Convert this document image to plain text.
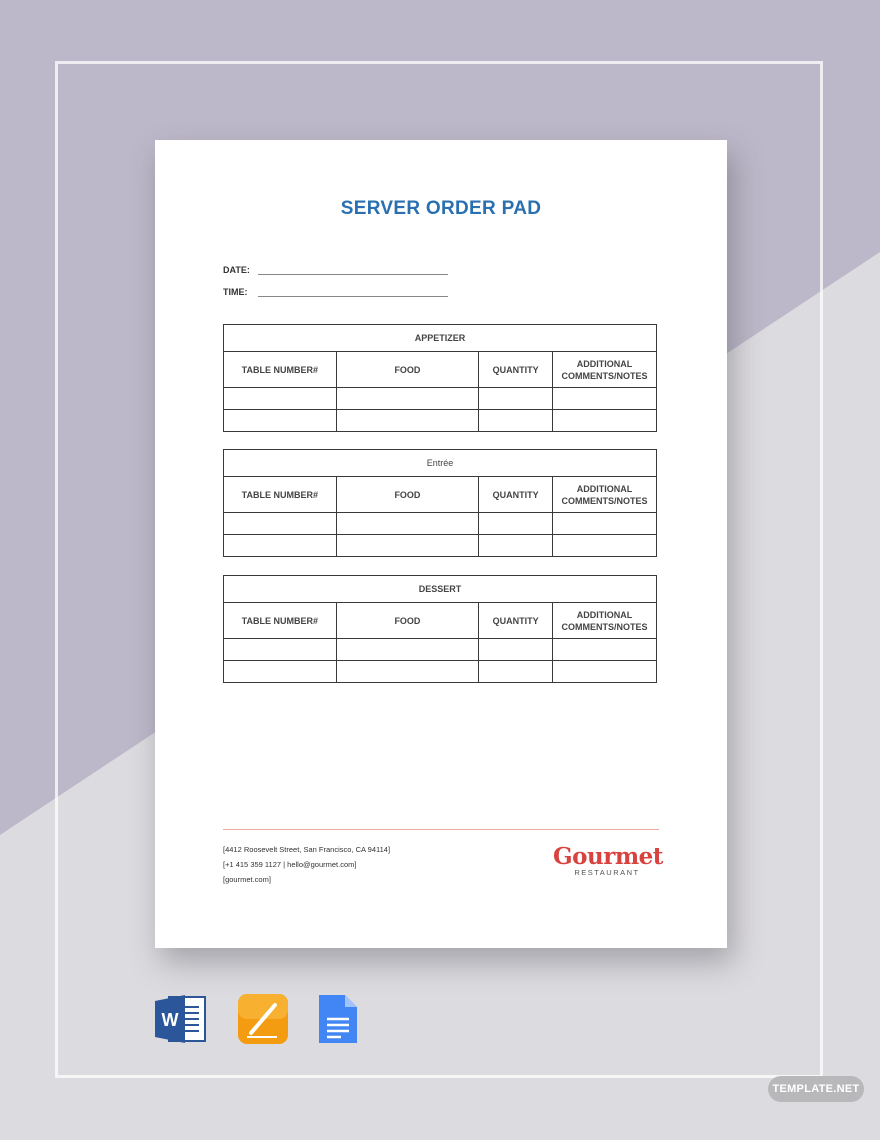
SERVER ORDER PAD
DATE:
TIME:
APPETIZER			
TABLE NUMBER#	FOOD	QUANTITY	ADDITIONAL COMMENTS/NOTES

Entrée			
TABLE NUMBER#	FOOD	QUANTITY	ADDITIONAL COMMENTS/NOTES

DESSERT			
TABLE NUMBER#	FOOD	QUANTITY	ADDITIONAL COMMENTS/NOTES

[4412 Roosevelt Street, San Francisco, CA 94114]
[+1 415 359 1127 | hello@gourmet.com]
[gourmet.com]
Gourmet
RESTAURANT
W
TEMPLATE.NET
